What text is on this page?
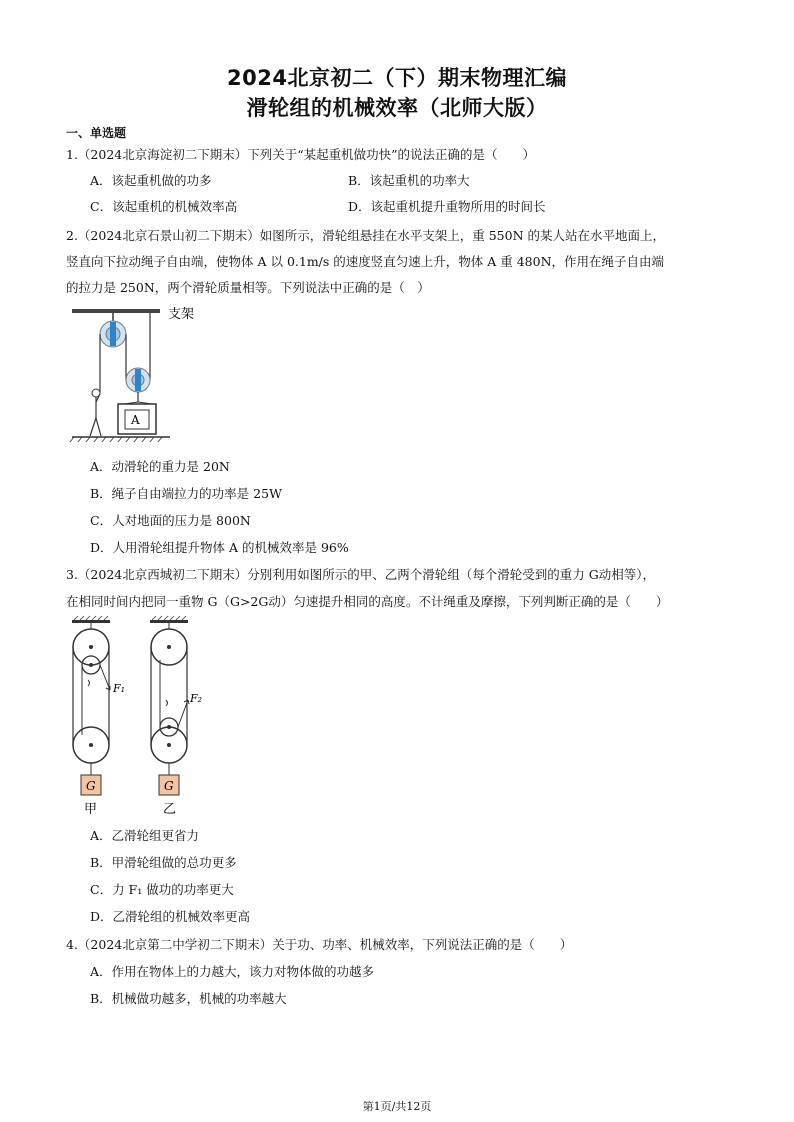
2024北京初二（下）期末物理汇编
滑轮组的机械效率（北师大版）
一、单选题
1.（2024北京海淀初二下期末）下列关于“某起重机做功快”的说法正确的是（　　）
A．该起重机做的功多	B．该起重机的功率大
C．该起重机的机械效率高	D．该起重机提升重物所用的时间长
2.（2024北京石景山初二下期末）如图所示，滑轮组悬挂在水平支架上，重 550N 的某人站在水平地面上，
竖直向下拉动绳子自由端，使物体 A 以 0.1m/s 的速度竖直匀速上升，物体 A 重 480N，作用在绳子自由端
的拉力是 250N，两个滑轮质量相等。下列说法中正确的是（　）
支架
A
A．动滑轮的重力是 20N
B．绳子自由端拉力的功率是 25W
C．人对地面的压力是 800N
D．人用滑轮组提升物体 A 的机械效率是 96%
3.（2024北京西城初二下期末）分别利用如图所示的甲、乙两个滑轮组（每个滑轮受到的重力 G动相等），
在相同时间内把同一重物 G（G>2G动）匀速提升相同的高度。不计绳重及摩擦，下列判断正确的是（　　）
F₁
G
甲
F₂
G
乙
A．乙滑轮组更省力
B．甲滑轮组做的总功更多
C．力 F₁ 做功的功率更大
D．乙滑轮组的机械效率更高
4.（2024北京第二中学初二下期末）关于功、功率、机械效率，下列说法正确的是（　　）
A．作用在物体上的力越大，该力对物体做的功越多
B．机械做功越多，机械的功率越大
第1页/共12页
